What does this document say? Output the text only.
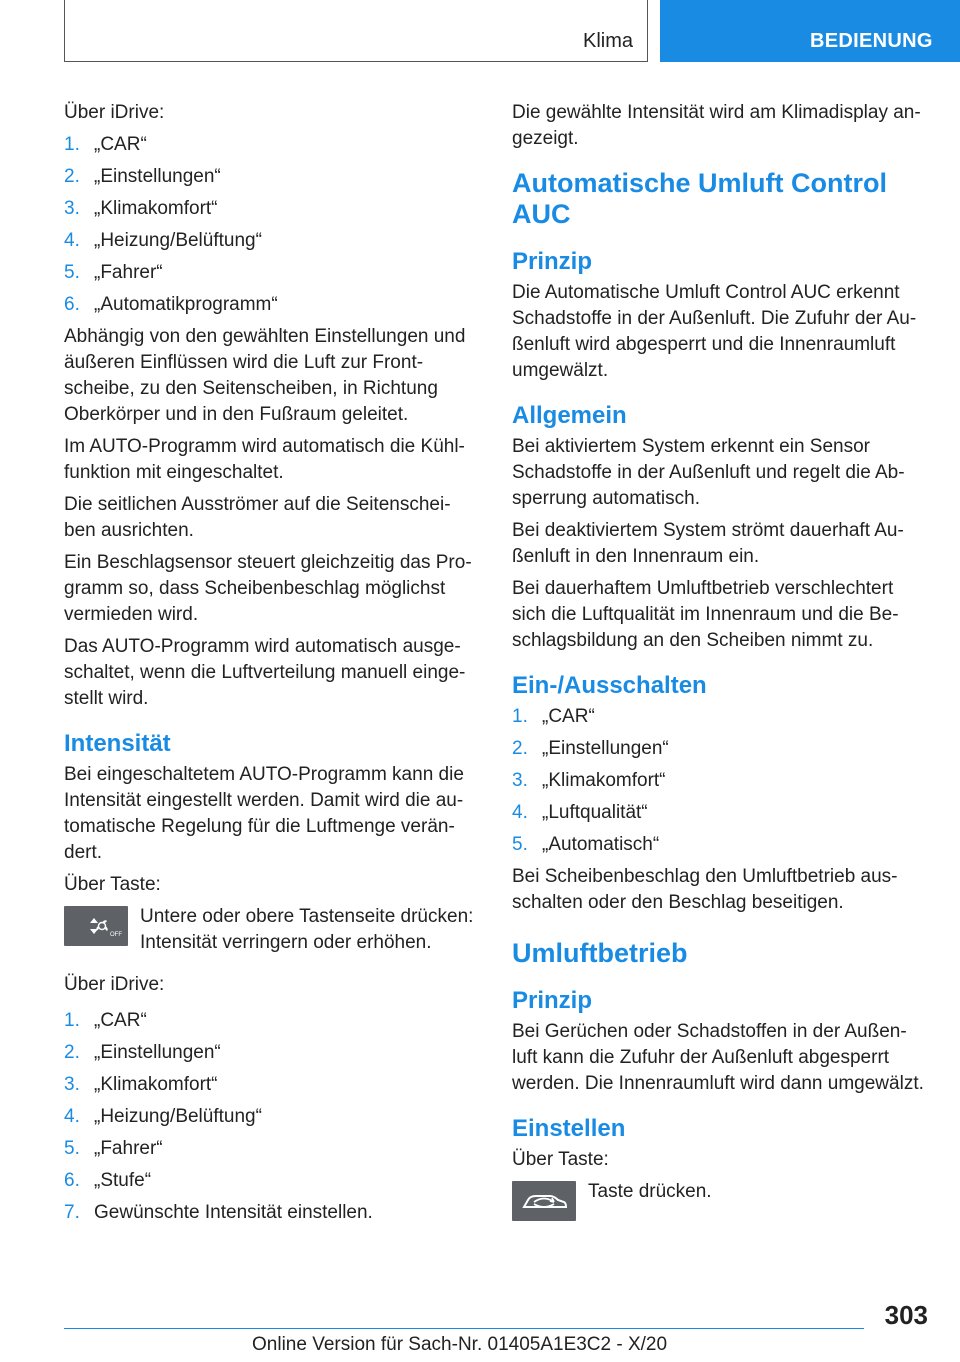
Klima	BEDIENUNG

Über iDrive:

1. „CAR“
2. „Einstellungen“
3. „Klimakomfort“
4. „Heizung/Belüftung“
5. „Fahrer“
6. „Automatikprogramm“

Abhängig von den gewählten Einstellungen und äußeren Einflüssen wird die Luft zur Front-scheibe, zu den Seitenscheiben, in Richtung Oberkörper und in den Fußraum geleitet.

Im AUTO-Programm wird automatisch die Kühl-funktion mit eingeschaltet.

Die seitlichen Ausströmer auf die Seitenschei-ben ausrichten.

Ein Beschlagsensor steuert gleichzeitig das Pro-gramm so, dass Scheibenbeschlag möglichst vermieden wird.

Das AUTO-Programm wird automatisch ausge-schaltet, wenn die Luftverteilung manuell einge-stellt wird.

Intensität

Bei eingeschaltetem AUTO-Programm kann die Intensität eingestellt werden. Damit wird die au-tomatische Regelung für die Luftmenge verän-dert.

Über Taste:

OFF
Untere oder obere Tastenseite drücken: Intensität verringern oder erhöhen.

Über iDrive:

1. „CAR“
2. „Einstellungen“
3. „Klimakomfort“
4. „Heizung/Belüftung“
5. „Fahrer“
6. „Stufe“
7. Gewünschte Intensität einstellen.

Die gewählte Intensität wird am Klimadisplay an-gezeigt.

Automatische Umluft Control AUC
Prinzip

Die Automatische Umluft Control AUC erkennt Schadstoffe in der Außenluft. Die Zufuhr der Au-ßenluft wird abgesperrt und die Innenraumluft umgewälzt.

Allgemein

Bei aktiviertem System erkennt ein Sensor Schadstoffe in der Außenluft und regelt die Ab-sperrung automatisch.

Bei deaktiviertem System strömt dauerhaft Au-ßenluft in den Innenraum ein.

Bei dauerhaftem Umluftbetrieb verschlechtert sich die Luftqualität im Innenraum und die Be-schlagsbildung an den Scheiben nimmt zu.

Ein-/Ausschalten
1. „CAR“
2. „Einstellungen“
3. „Klimakomfort“
4. „Luftqualität“
5. „Automatisch“

Bei Scheibenbeschlag den Umluftbetrieb aus-schalten oder den Beschlag beseitigen.

Umluftbetrieb
Prinzip

Bei Gerüchen oder Schadstoffen in der Außen-luft kann die Zufuhr der Außenluft abgesperrt werden. Die Innenraumluft wird dann umgewälzt.

Einstellen

Über Taste:

Taste drücken.
303
Online Version für Sach-Nr. 01405A1E3C2 - X/20
